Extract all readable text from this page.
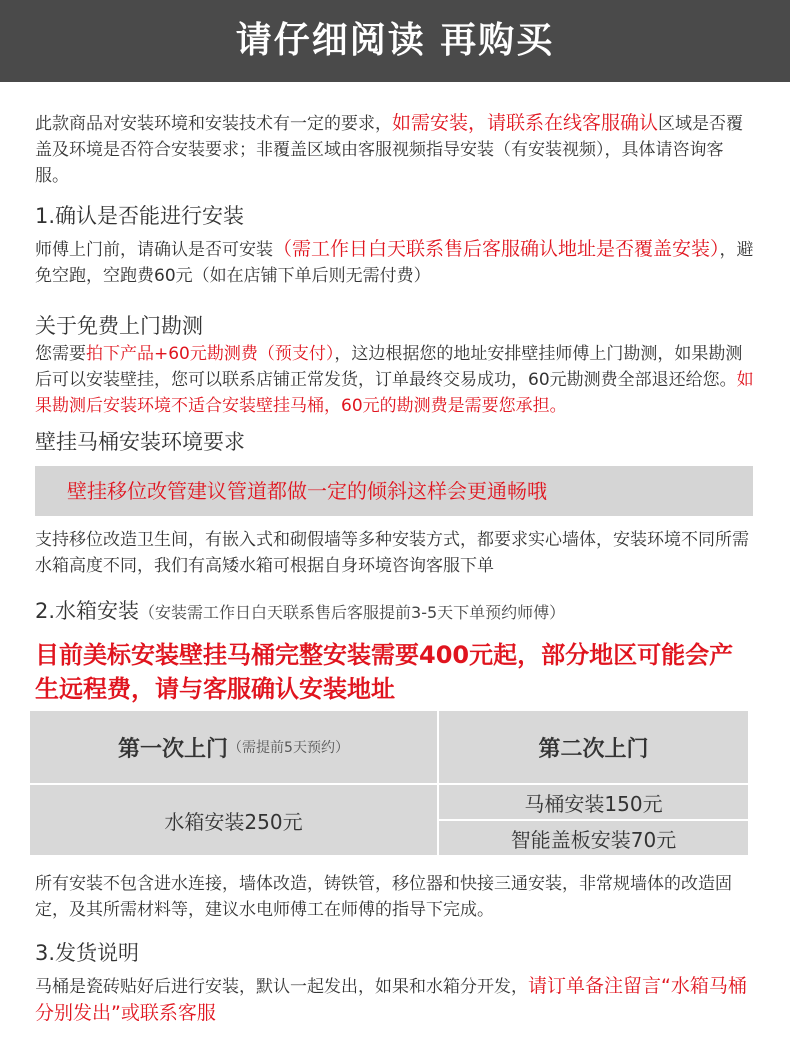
请仔细阅读 再购买
此款商品对安装环境和安装技术有一定的要求，如需安装，请联系在线客服确认区域是否覆盖及环境是否符合安装要求；非覆盖区域由客服视频指导安装（有安装视频），具体请咨询客服。
1.确认是否能进行安装
师傅上门前，请确认是否可安装（需工作日白天联系售后客服确认地址是否覆盖安装），避免空跑，空跑费60元（如在店铺下单后则无需付费）
关于免费上门勘测
您需要拍下产品+60元勘测费（预支付），这边根据您的地址安排壁挂师傅上门勘测，如果勘测后可以安装壁挂，您可以联系店铺正常发货，订单最终交易成功，60元勘测费全部退还给您。如果勘测后安装环境不适合安装壁挂马桶，60元的勘测费是需要您承担。
壁挂马桶安装环境要求
壁挂移位改管建议管道都做一定的倾斜这样会更通畅哦
支持移位改造卫生间，有嵌入式和砌假墙等多种安装方式，都要求实心墙体，安装环境不同所需水箱高度不同，我们有高矮水箱可根据自身环境咨询客服下单
2.水箱安装（安装需工作日白天联系售后客服提前3-5天下单预约师傅）
目前美标安装壁挂马桶完整安装需要400元起，部分地区可能会产生远程费，请与客服确认安装地址
第一次上门 （需提前5天预约）	第二次上门
水箱安装250元
马桶安装150元
智能盖板安装70元
所有安装不包含进水连接，墙体改造，铸铁管，移位器和快接三通安装，非常规墙体的改造固定，及其所需材料等，建议水电师傅工在师傅的指导下完成。
3.发货说明
马桶是瓷砖贴好后进行安装，默认一起发出，如果和水箱分开发，请订单备注留言“水箱马桶分别发出”或联系客服
